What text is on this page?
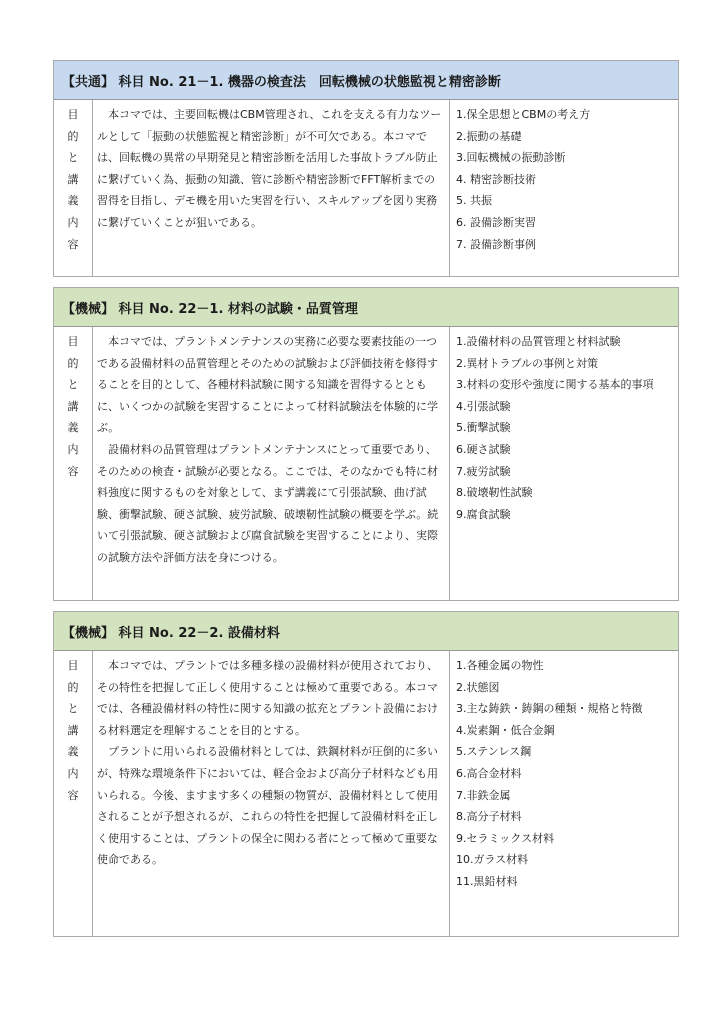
【共通】 科目 No. 21－1. 機器の検査法　回転機械の状態監視と精密診断
目
的
と
講
義
内
容

本コマでは、主要回転機はCBM管理され、これを支える有力なツールとして「振動の状態監視と精密診断」が不可欠である。本コマでは、回転機の異常の早期発見と精密診断を活用した事故トラブル防止に繋げていく為、振動の知識、管に診断や精密診断でFFT解析までの習得を目指し、デモ機を用いた実習を行い、スキルアップを図り実務に繋げていくことが狙いである。

1.保全思想とCBMの考え方
2.振動の基礎
3.回転機械の振動診断
4. 精密診断技術
5. 共振
6. 設備診断実習
7. 設備診断事例
【機械】 科目 No. 22－1. 材料の試験・品質管理
目
的
と
講
義
内
容

本コマでは、プラントメンテナンスの実務に必要な要素技能の一つである設備材料の品質管理とそのための試験および評価技術を修得することを目的として、各種材料試験に関する知識を習得するとともに、いくつかの試験を実習することによって材料試験法を体験的に学ぶ。

設備材料の品質管理はプラントメンテナンスにとって重要であり、そのための検査・試験が必要となる。ここでは、そのなかでも特に材料強度に関するものを対象として、まず講義にて引張試験、曲げ試験、衝撃試験、硬さ試験、疲労試験、破壊靭性試験の概要を学ぶ。続いて引張試験、硬さ試験および腐食試験を実習することにより、実際の試験方法や評価方法を身につける。

1.設備材料の品質管理と材料試験
2.異材トラブルの事例と対策
3.材料の変形や強度に関する基本的事項
4.引張試験
5.衝撃試験
6.硬さ試験
7.疲労試験
8.破壊靭性試験
9.腐食試験
【機械】 科目 No. 22－2. 設備材料
目
的
と
講
義
内
容

本コマでは、プラントでは多種多様の設備材料が使用されており、その特性を把握して正しく使用することは極めて重要である。本コマでは、各種設備材料の特性に関する知識の拡充とプラント設備における材料選定を理解することを目的とする。

プラントに用いられる設備材料としては、鉄鋼材料が圧倒的に多いが、特殊な環境条件下においては、軽合金および高分子材料なども用いられる。今後、ますます多くの種類の物質が、設備材料として使用されることが予想されるが、これらの特性を把握して設備材料を正しく使用することは、プラントの保全に関わる者にとって極めて重要な使命である。

1.各種金属の物性
2.状態図
3.主な鋳鉄・鋳鋼の種類・規格と特徴
4.炭素鋼・低合金鋼
5.ステンレス鋼
6.高合金材料
7.非鉄金属
8.高分子材料
9.セラミックス材料
10.ガラス材料
11.黒鉛材料
